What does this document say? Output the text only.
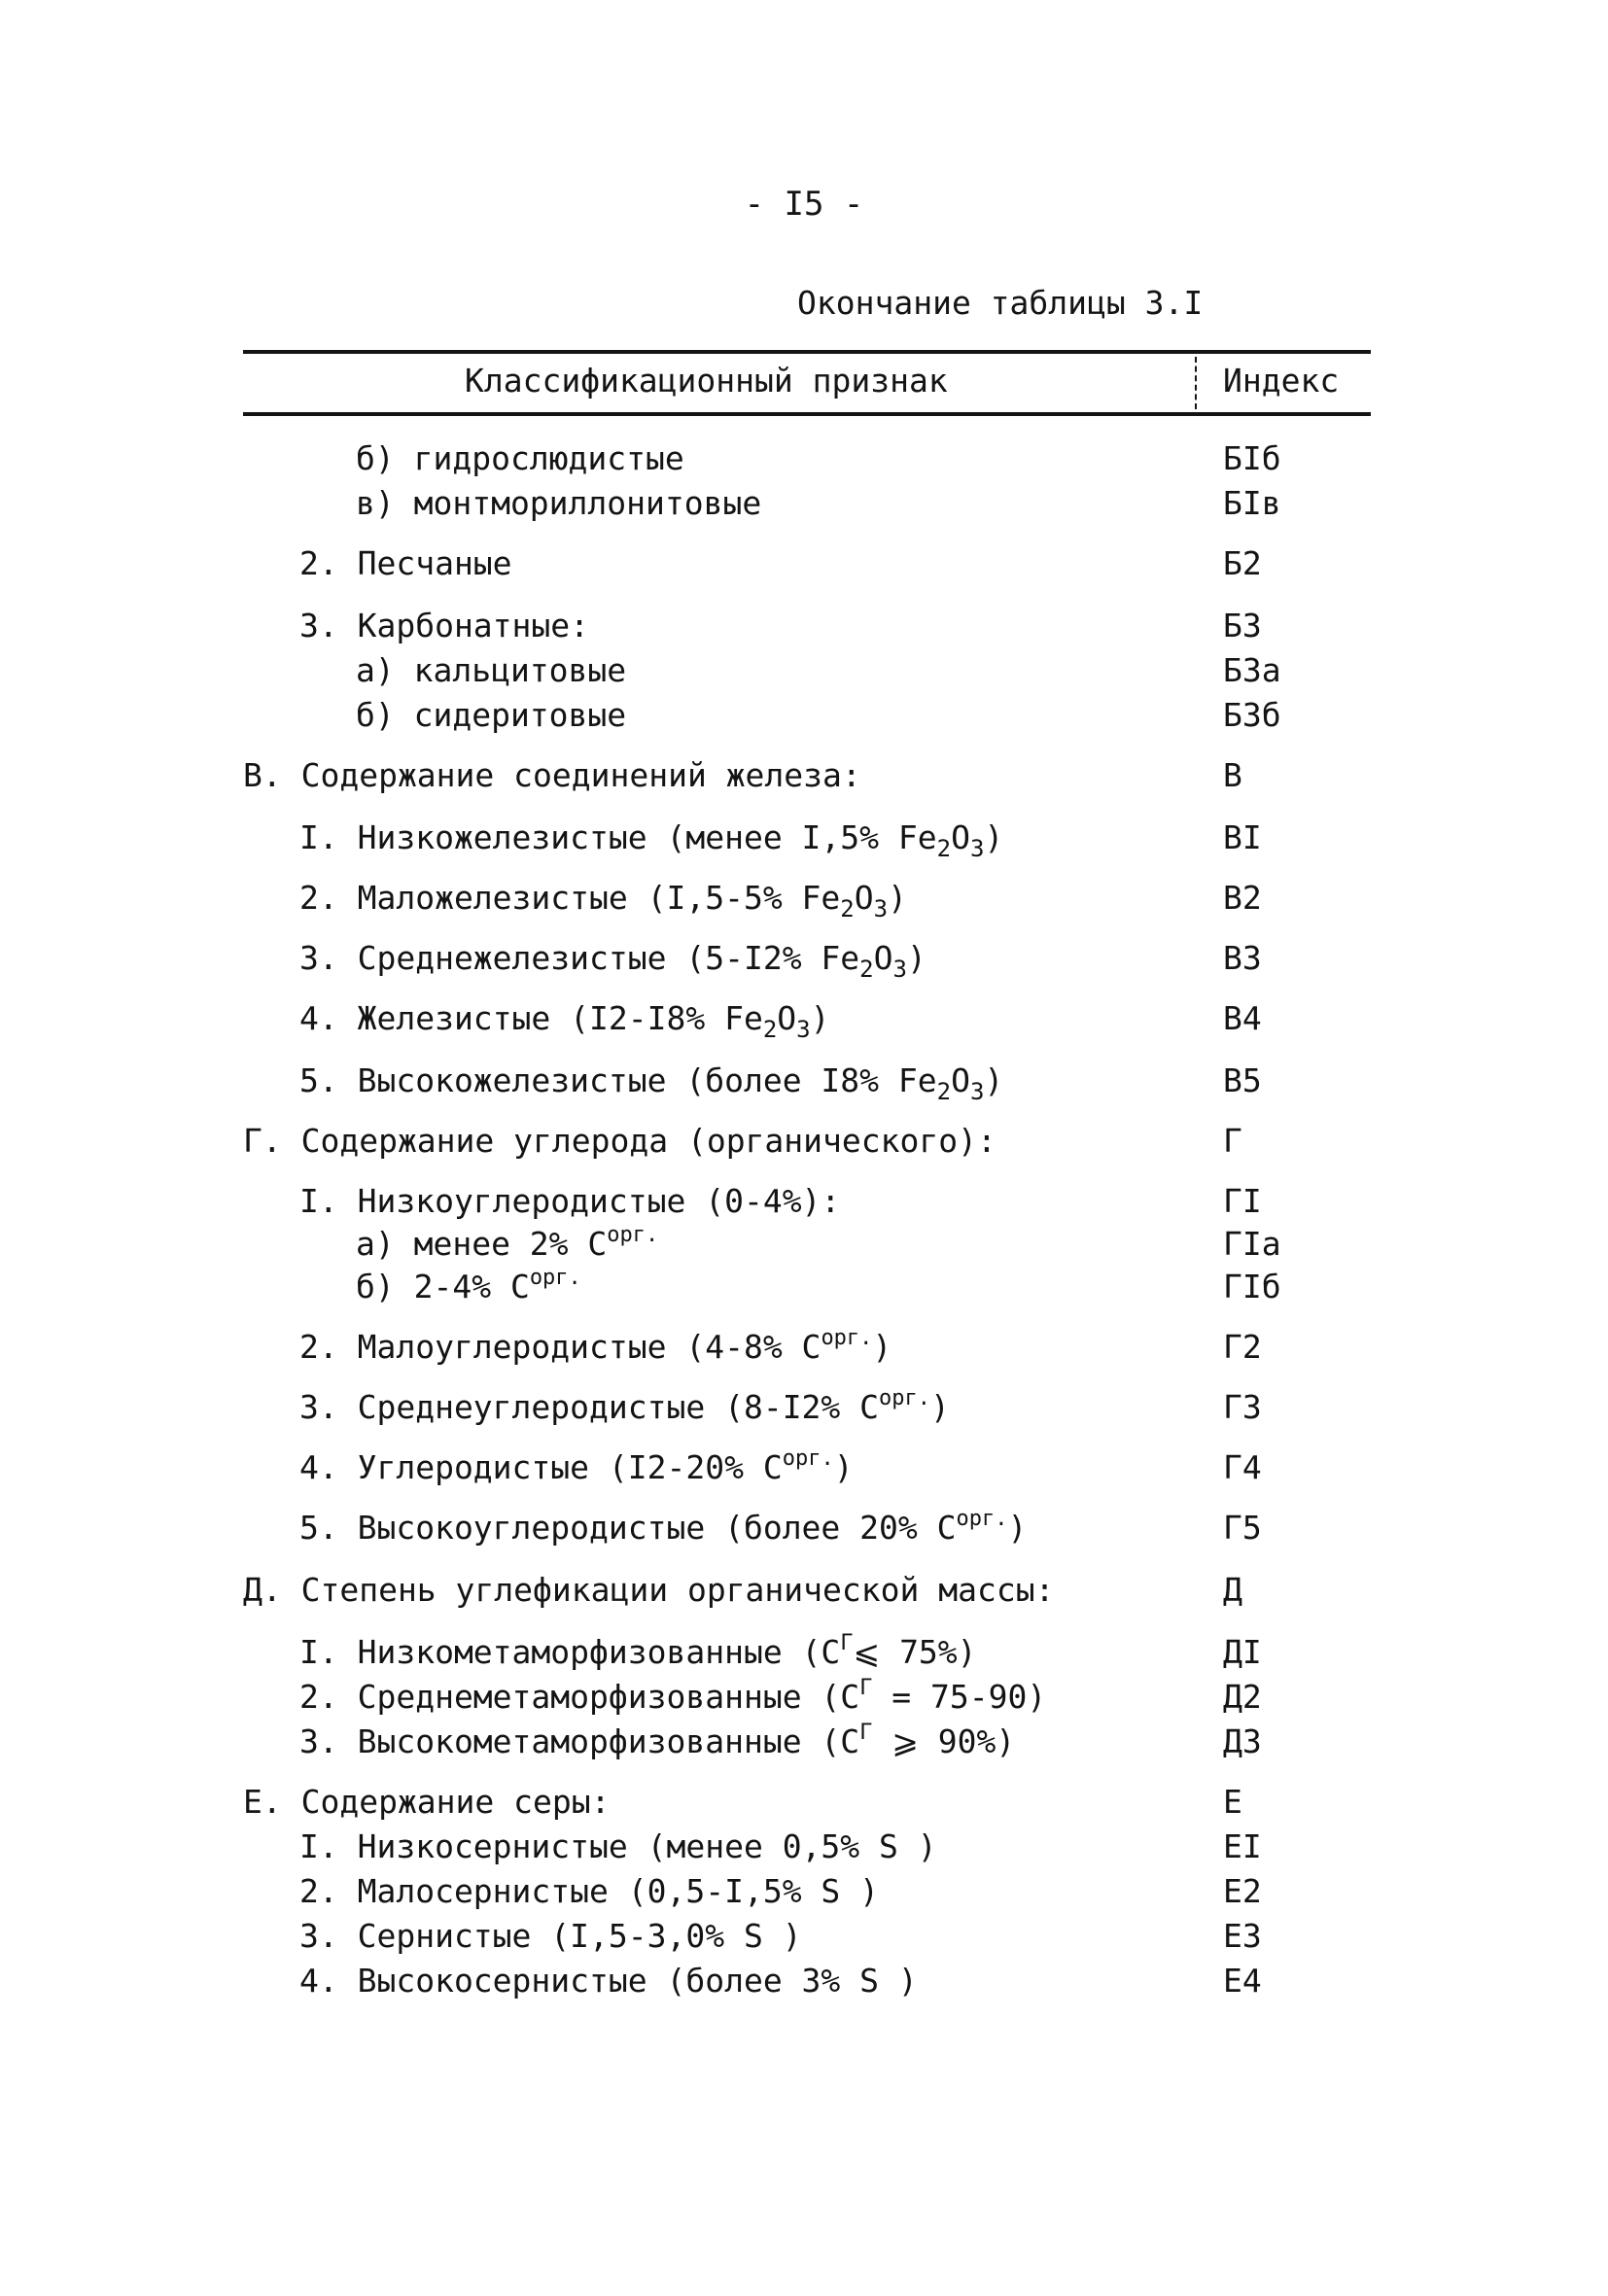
- I5 -
Окончание таблицы 3.I
Классификационный признак	Индекс
б) гидрослюдистые	БIб
в) монтмориллонитовые	БIв
2. Песчаные	Б2
3. Карбонатные:	Б3
а) кальцитовые	Б3а
б) сидеритовые	Б3б
В. Содержание соединений железа:	В
I. Низкожелезистые (менее I,5% $Fe_2O_3$)	ВI
2. Маложелезистые (I,5-5% $Fe_2O_3$)	В2
3. Среднежелезистые (5-I2% $Fe_2O_3$)	В3
4. Железистые (I2-I8% $Fe_2O_3$)	В4
5. Высокожелезистые (более I8% $Fe_2O_3$)	В5
Г. Содержание углерода (органического):	Г
I. Низкоуглеродистые (0-4%):	ГI
а) менее 2% $С^{орг.}$	ГIа
б) 2-4% $С^{орг.}$	ГIб
2. Малоуглеродистые (4-8% $С^{орг.}$)	Г2
3. Среднеуглеродистые (8-I2% $С^{орг.}$)	Г3
4. Углеродистые (I2-20% $С^{орг.}$)	Г4
5. Высокоуглеродистые (более 20% $С^{орг.}$)	Г5
Д. Степень углефикации органической массы:	Д
I. Низкометаморфизованные ($С^Г⩽$ 75%)	ДI
2. Среднеметаморфизованные $(С^Г = 75-90)$	Д2
3. Высокометаморфизованные ($С^Г$ ⩾ 90%)	Д3
Е. Содержание серы:	Е
I. Низкосернистые (менее 0,5% S )	ЕI
2. Малосернистые (0,5-I,5% S )	Е2
3. Сернистые (I,5-3,0% S )	Е3
4. Высокосернистые (более 3% S )	Е4
